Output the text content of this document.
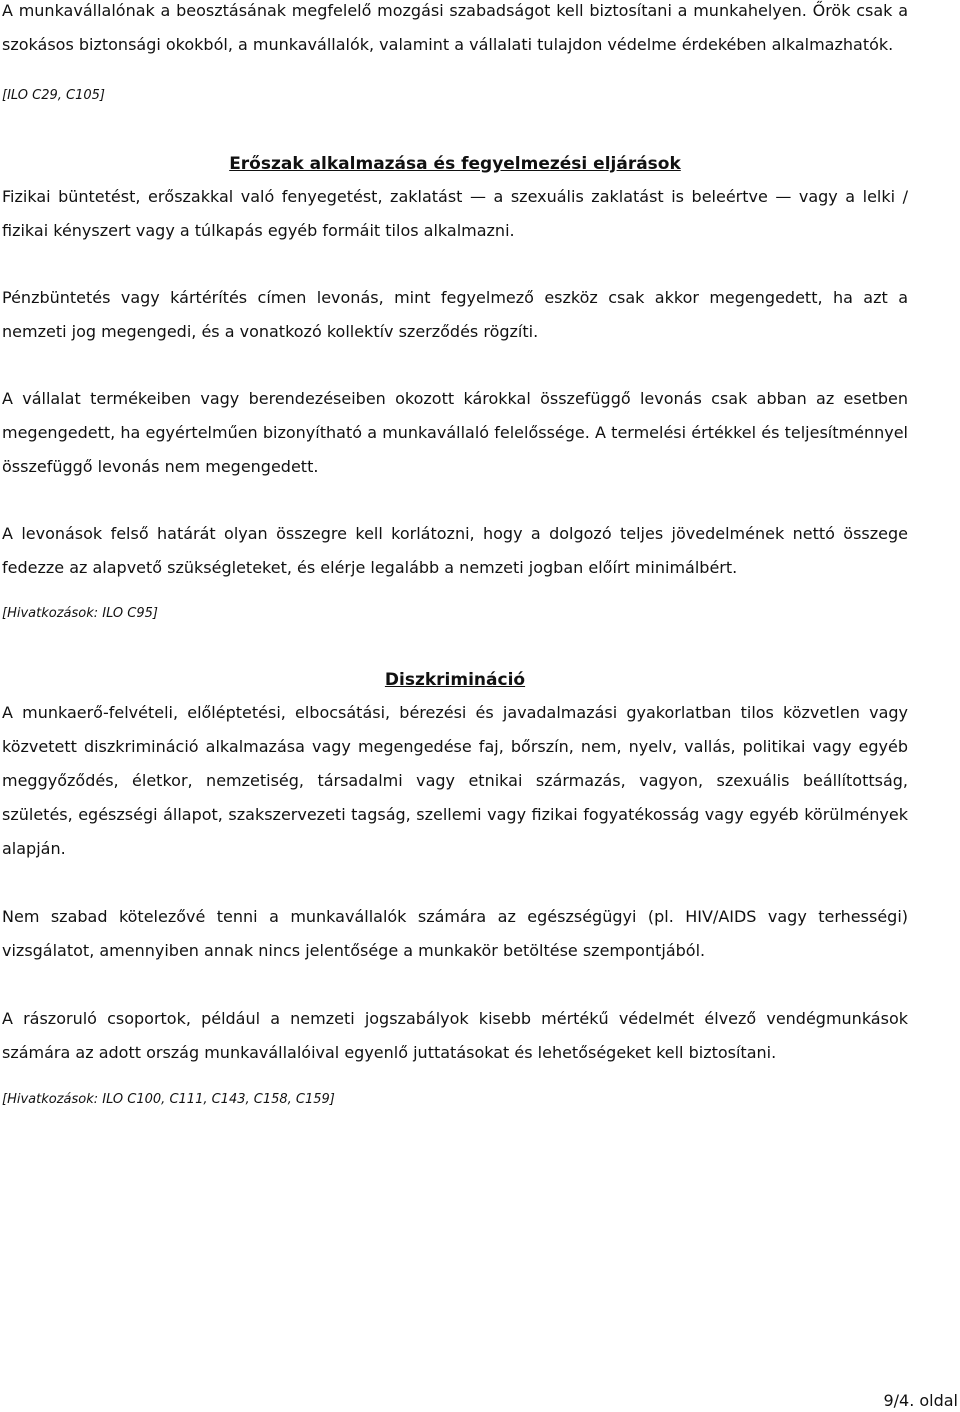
A munkavállalónak a beosztásának megfelelő mozgási szabadságot kell biztosítani a munkahelyen. Őrök csak a szokásos biztonsági okokból, a munkavállalók, valamint a vállalati tulajdon védelme érdekében alkalmazhatók.

[ILO C29, C105]

Erőszak alkalmazása és fegyelmezési eljárások

Fizikai büntetést, erőszakkal való fenyegetést, zaklatást — a szexuális zaklatást is beleértve — vagy a lelki / fizikai kényszert vagy a túlkapás egyéb formáit tilos alkalmazni.

Pénzbüntetés vagy kártérítés címen levonás, mint fegyelmező eszköz csak akkor megengedett, ha azt a nemzeti jog megengedi, és a vonatkozó kollektív szerződés rögzíti.

A vállalat termékeiben vagy berendezéseiben okozott károkkal összefüggő levonás csak abban az esetben megengedett, ha egyértelműen bizonyítható a munkavállaló felelőssége. A termelési értékkel és teljesítménnyel összefüggő levonás nem megengedett.

A levonások felső határát olyan összegre kell korlátozni, hogy a dolgozó teljes jövedelmének nettó összege fedezze az alapvető szükségleteket, és elérje legalább a nemzeti jogban előírt minimálbért.

[Hivatkozások: ILO C95]

Diszkrimináció

A munkaerő-felvételi, előléptetési, elbocsátási, bérezési és javadalmazási gyakorlatban tilos közvetlen vagy közvetett diszkrimináció alkalmazása vagy megengedése faj, bőrszín, nem, nyelv, vallás, politikai vagy egyéb meggyőződés, életkor, nemzetiség, társadalmi vagy etnikai származás, vagyon, szexuális beállítottság, születés, egészségi állapot, szakszervezeti tagság, szellemi vagy fizikai fogyatékosság vagy egyéb körülmények alapján.

Nem szabad kötelezővé tenni a munkavállalók számára az egészségügyi (pl. HIV/AIDS vagy terhességi) vizsgálatot, amennyiben annak nincs jelentősége a munkakör betöltése szempontjából.

A rászoruló csoportok, például a nemzeti jogszabályok kisebb mértékű védelmét élvező vendégmunkások számára az adott ország munkavállalóival egyenlő juttatásokat és lehetőségeket kell biztosítani.

[Hivatkozások: ILO C100, C111, C143, C158, C159]

9/4. oldal
